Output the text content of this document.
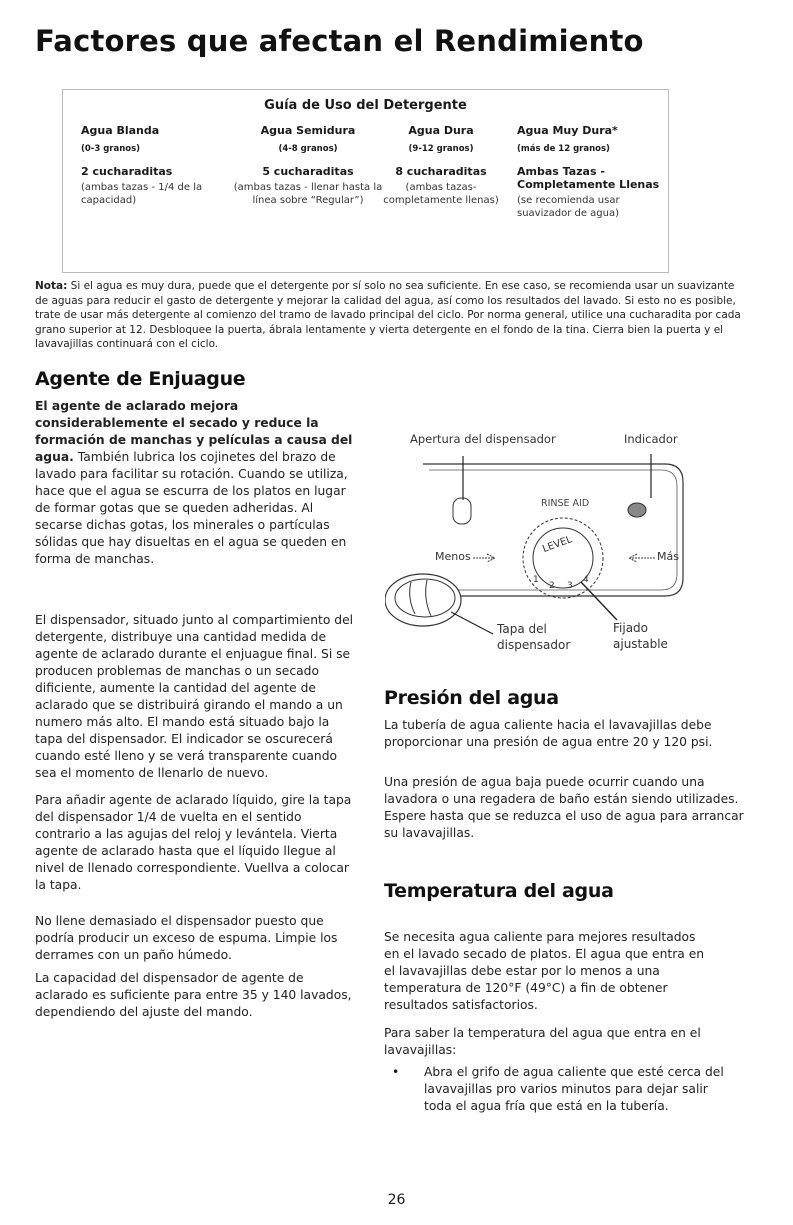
Factores que afectan el Rendimiento
Guía de Uso del Detergente
Agua Blanda
(0-3 granos)
2 cucharaditas
(ambas tazas - 1/4 de la capacidad)
Agua Semidura
(4-8 granos)
5 cucharaditas
(ambas tazas - llenar hasta la línea sobre “Regular”)
Agua Dura
(9-12 granos)
8 cucharaditas
(ambas tazas- completamente llenas)
Agua Muy Dura*
(más de 12 granos)
Ambas Tazas - Completamente Llenas
(se recomienda usar suavizador de agua)
Nota: Si el agua es muy dura, puede que el detergente por sí solo no sea suficiente. En ese caso, se recomienda usar un suavizante de aguas para reducir el gasto de detergente y mejorar la calidad del agua, así como los resultados del lavado. Si esto no es posible, trate de usar más detergente al comienzo del tramo de lavado principal del ciclo. Por norma general, utilice una cucharadita por cada grano superior at 12. Desbloquee la puerta, ábrala lentamente y vierta detergente en el fondo de la tina. Cierra bien la puerta y el lavavajillas continuará con el ciclo.
Agente de Enjuague

El agente de aclarado mejora considerablemente el secado y reduce la formación de manchas y películas a causa del agua. También lubrica los cojinetes del brazo de lavado para facilitar su rotación. Cuando se utiliza, hace que el agua se escurra de los platos en lugar de formar gotas que se queden adheridas. Al secarse dichas gotas, los minerales o partículas sólidas que hay disueltas en el agua se queden en forma de manchas.

El dispensador, situado junto al compartimiento del detergente, distribuye una cantidad medida de agente de aclarado durante el enjuague final. Si se producen problemas de manchas o un secado dificiente, aumente la cantidad del agente de aclarado que se distribuirá girando el mando a un numero más alto. El mando está situado bajo la tapa del dispensador. El indicador se oscurecerá cuando esté lleno y se verá transparente cuando sea el momento de llenarlo de nuevo.

Para añadir agente de aclarado líquido, gire la tapa del dispensador 1/4 de vuelta en el sentido contrario a las agujas del reloj y levántela. Vierta agente de aclarado hasta que el líquido llegue al nivel de llenado correspondiente. Vuellva a colocar la tapa.

No llene demasiado el dispensador puesto que podría producir un exceso de espuma. Limpie los derrames con un paño húmedo.

La capacidad del dispensador de agente de aclarado es suficiente para entre 35 y 140 lavados, dependiendo del ajuste del mando.

Apertura del dispensador	Indicador
RINSE AID
Menos	Más
LEVEL
1
2 3
4
Tapa del dispensador
Fijado ajustable
Presión del agua

La tubería de agua caliente hacia el lavavajillas debe proporcionar una presión de agua entre 20 y 120 psi.

Una presión de agua baja puede ocurrir cuando una lavadora o una regadera de baño están siendo utilizades. Espere hasta que se reduzca el uso de agua para arrancar su lavavajillas.

Temperatura del agua

Se necesita agua caliente para mejores resultados en el lavado secado de platos. El agua que entra en el lavavajillas debe estar por lo menos a una temperatura de 120°F (49°C) a fin de obtener resultados satisfactorios.

Para saber la temperatura del agua que entra en el lavavajillas:

• Abra el grifo de agua caliente que esté cerca del lavavajillas pro varios minutos para dejar salir toda el agua fría que está en la tubería.

26
